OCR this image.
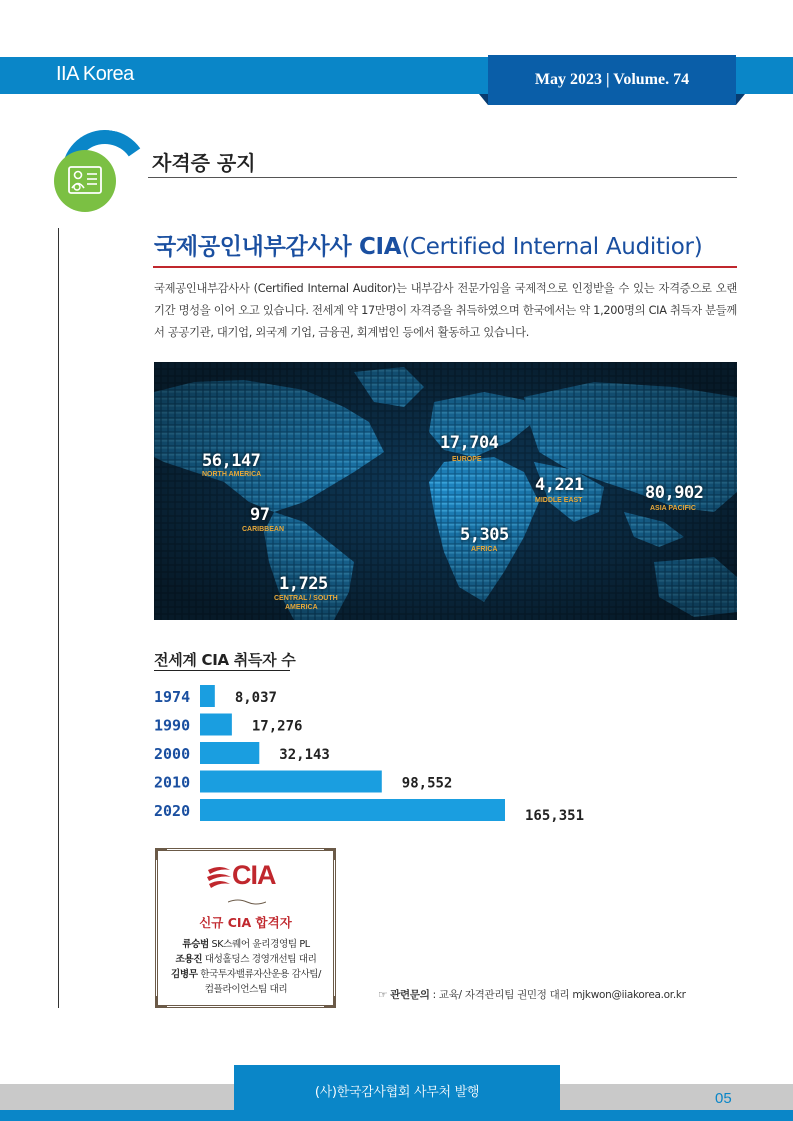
IIA Korea	May 2023 | Volume. 74
자격증 공지
국제공인내부감사사 CIA(Certified Internal Auditior)
국제공인내부감사사 (Certified Internal Auditor)는 내부감사 전문가임을 국제적으로 인정받을 수 있는 자격증으로 오랜 기간 명성을 이어 오고 있습니다. 전세계 약 17만명이 자격증을 취득하였으며 한국에서는 약 1,200명의 CIA 취득자 분들께서 공공기관, 대기업, 외국계 기업, 금융권, 회계법인 등에서 활동하고 있습니다.
56,147
NORTH AMERICA
97
CARIBBEAN
1,725
CENTRAL / SOUTH
AMERICA
17,704
EUROPE
4,221
MIDDLE EAST
5,305
AFRICA
80,902
ASIA PACIFIC
전세계 CIA 취득자 수
1974	8,037
1990	17,276
2000	32,143
2010	98,552
2020	165,351
CIA
신규 CIA 합격자
류승범 SK스퀘어 윤리경영팀 PL
조용진 대성홀딩스 경영개선팀 대리
김병무 한국투자밸류자산운용 감사팀/
컴플라이언스팀 대리	☞ 관련문의 : 교육/ 자격관리팀 권민정 대리 mjkwon@iiakorea.or.kr
(사)한국감사협회 사무처 발행	05
